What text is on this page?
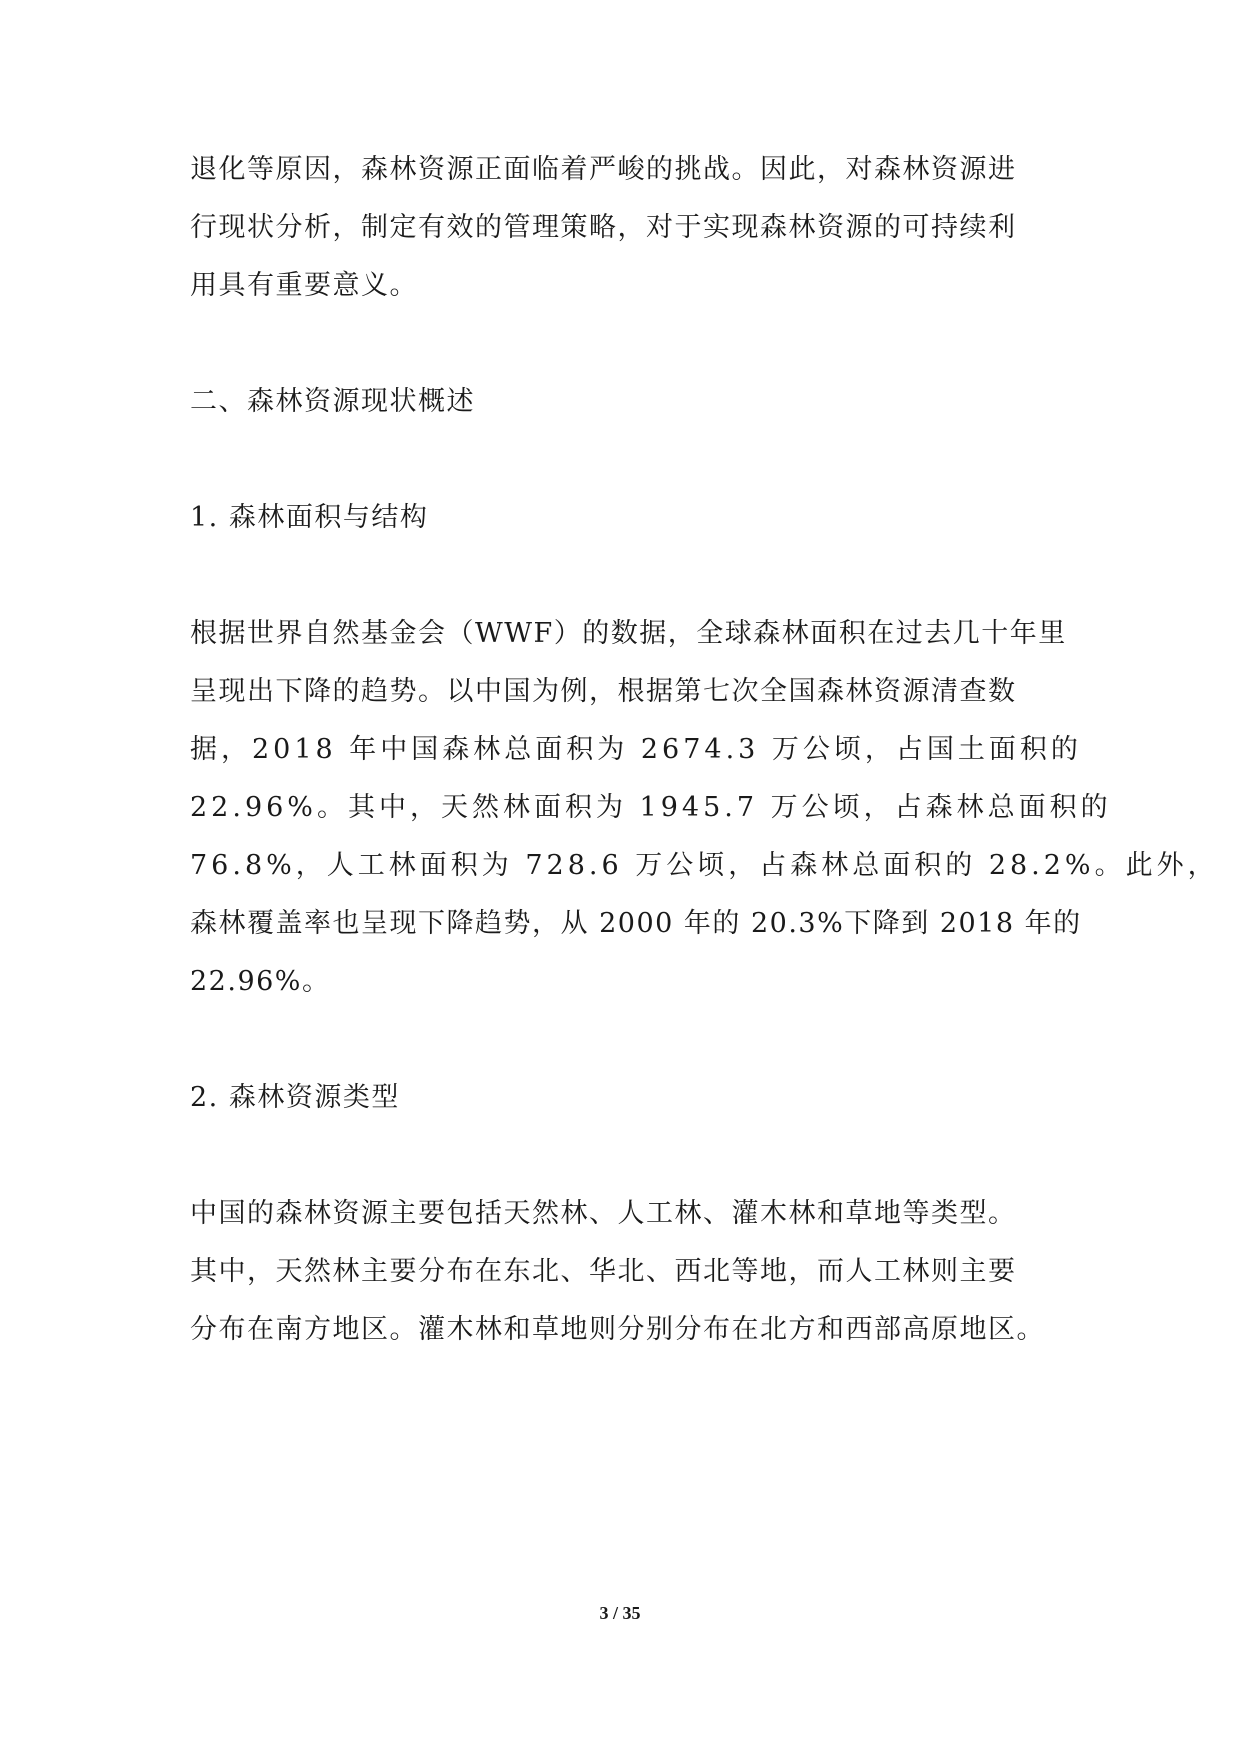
退化等原因，森林资源正面临着严峻的挑战。因此，对森林资源进
行现状分析，制定有效的管理策略，对于实现森林资源的可持续利
用具有重要意义。
二、森林资源现状概述
1. 森林面积与结构
根据世界自然基金会（WWF）的数据，全球森林面积在过去几十年里
呈现出下降的趋势。以中国为例，根据第七次全国森林资源清查数
据，2018 年中国森林总面积为 2674.3 万公顷，占国土面积的
22.96%。其中，天然林面积为 1945.7 万公顷，占森林总面积的
76.8%，人工林面积为 728.6 万公顷，占森林总面积的 28.2%。此外，
森林覆盖率也呈现下降趋势，从 2000 年的 20.3%下降到 2018 年的
22.96%。
2. 森林资源类型
中国的森林资源主要包括天然林、人工林、灌木林和草地等类型。
其中，天然林主要分布在东北、华北、西北等地，而人工林则主要
分布在南方地区。灌木林和草地则分别分布在北方和西部高原地区。
3 / 35
